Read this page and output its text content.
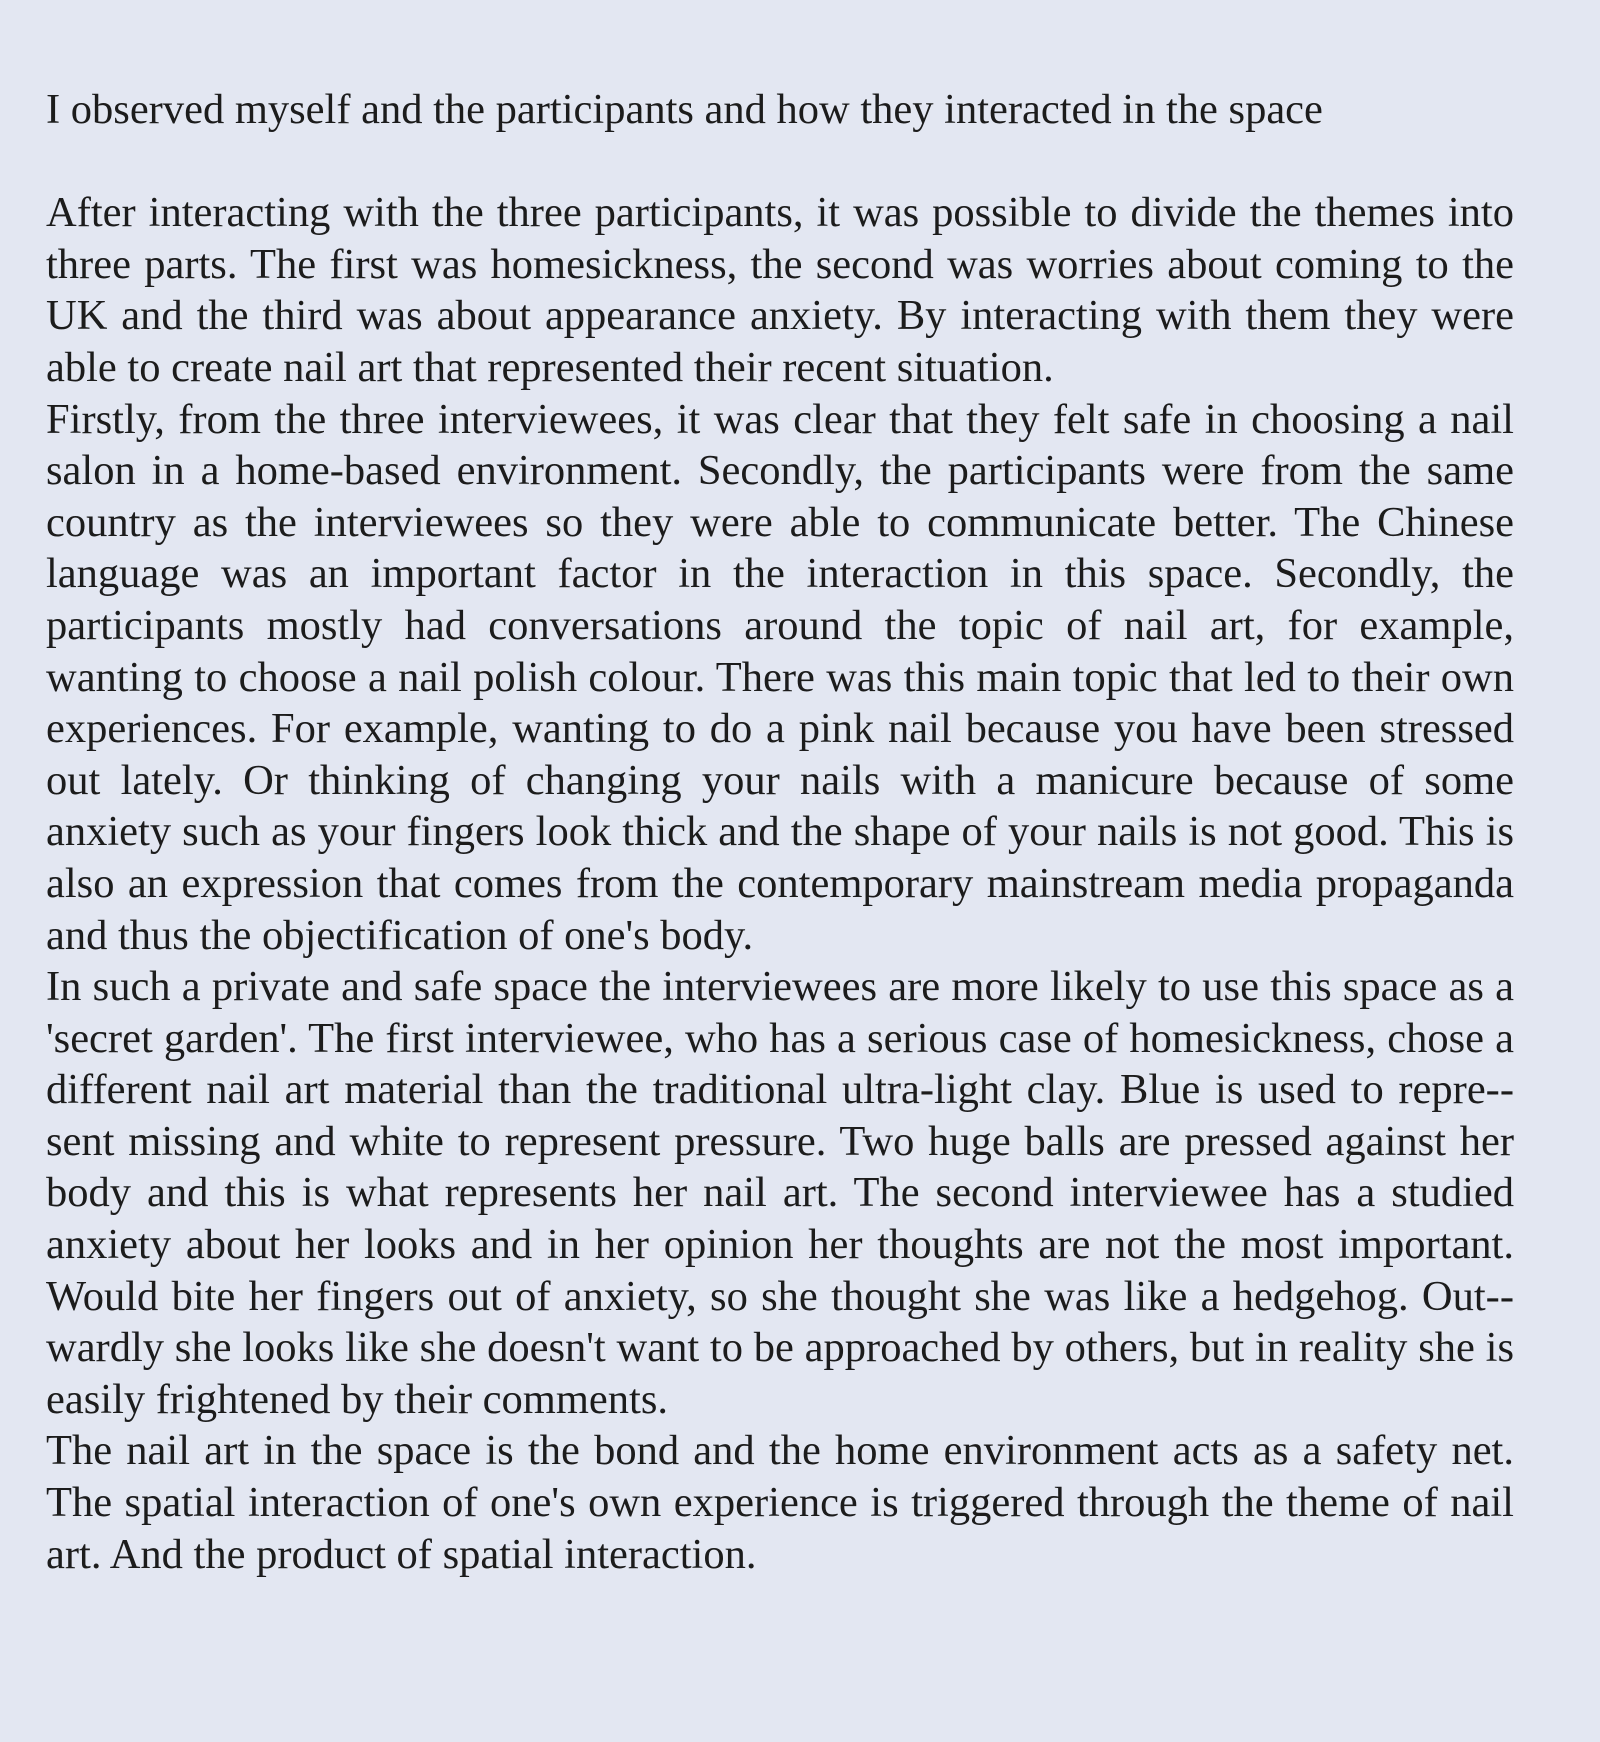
I observed myself and the participants and how they interacted in the space

After interacting with the three participants, it was possible to divide the themes into three parts. The first was homesickness, the second was worries about coming to the UK and the third was about appearance anxiety. By interacting with them they were able to create nail art that represented their recent situation.

Firstly, from the three interviewees, it was clear that they felt safe in choosing a nail salon in a home-based environment. Secondly, the participants were from the same country as the interviewees so they were able to communicate better. The Chinese language was an important factor in the interaction in this space. Secondly, the participants mostly had conversations around the topic of nail art, for example, wanting to choose a nail polish colour. There was this main topic that led to their own experiences. For example, wanting to do a pink nail because you have been stressed out lately. Or thinking of changing your nails with a manicure because of some anxiety such as your fingers look thick and the shape of your nails is not good. This is also an expression that comes from the contemporary mainstream media propaganda and thus the objectification of one's body.

In such a private and safe space the interviewees are more likely to use this space as a 'secret garden'. The first interviewee, who has a serious case of homesickness, chose a different nail art material than the traditional ultra-light clay. Blue is used to repre-sent missing and white to represent pressure. Two huge balls are pressed against her body and this is what represents her nail art. The second interviewee has a studied anxiety about her looks and in her opinion her thoughts are not the most important. Would bite her fingers out of anxiety, so she thought she was like a hedgehog. Out-wardly she looks like she doesn't want to be approached by others, but in reality she is easily frightened by their comments.

The nail art in the space is the bond and the home environment acts as a safety net. The spatial interaction of one's own experience is triggered through the theme of nail art. And the product of spatial interaction.
